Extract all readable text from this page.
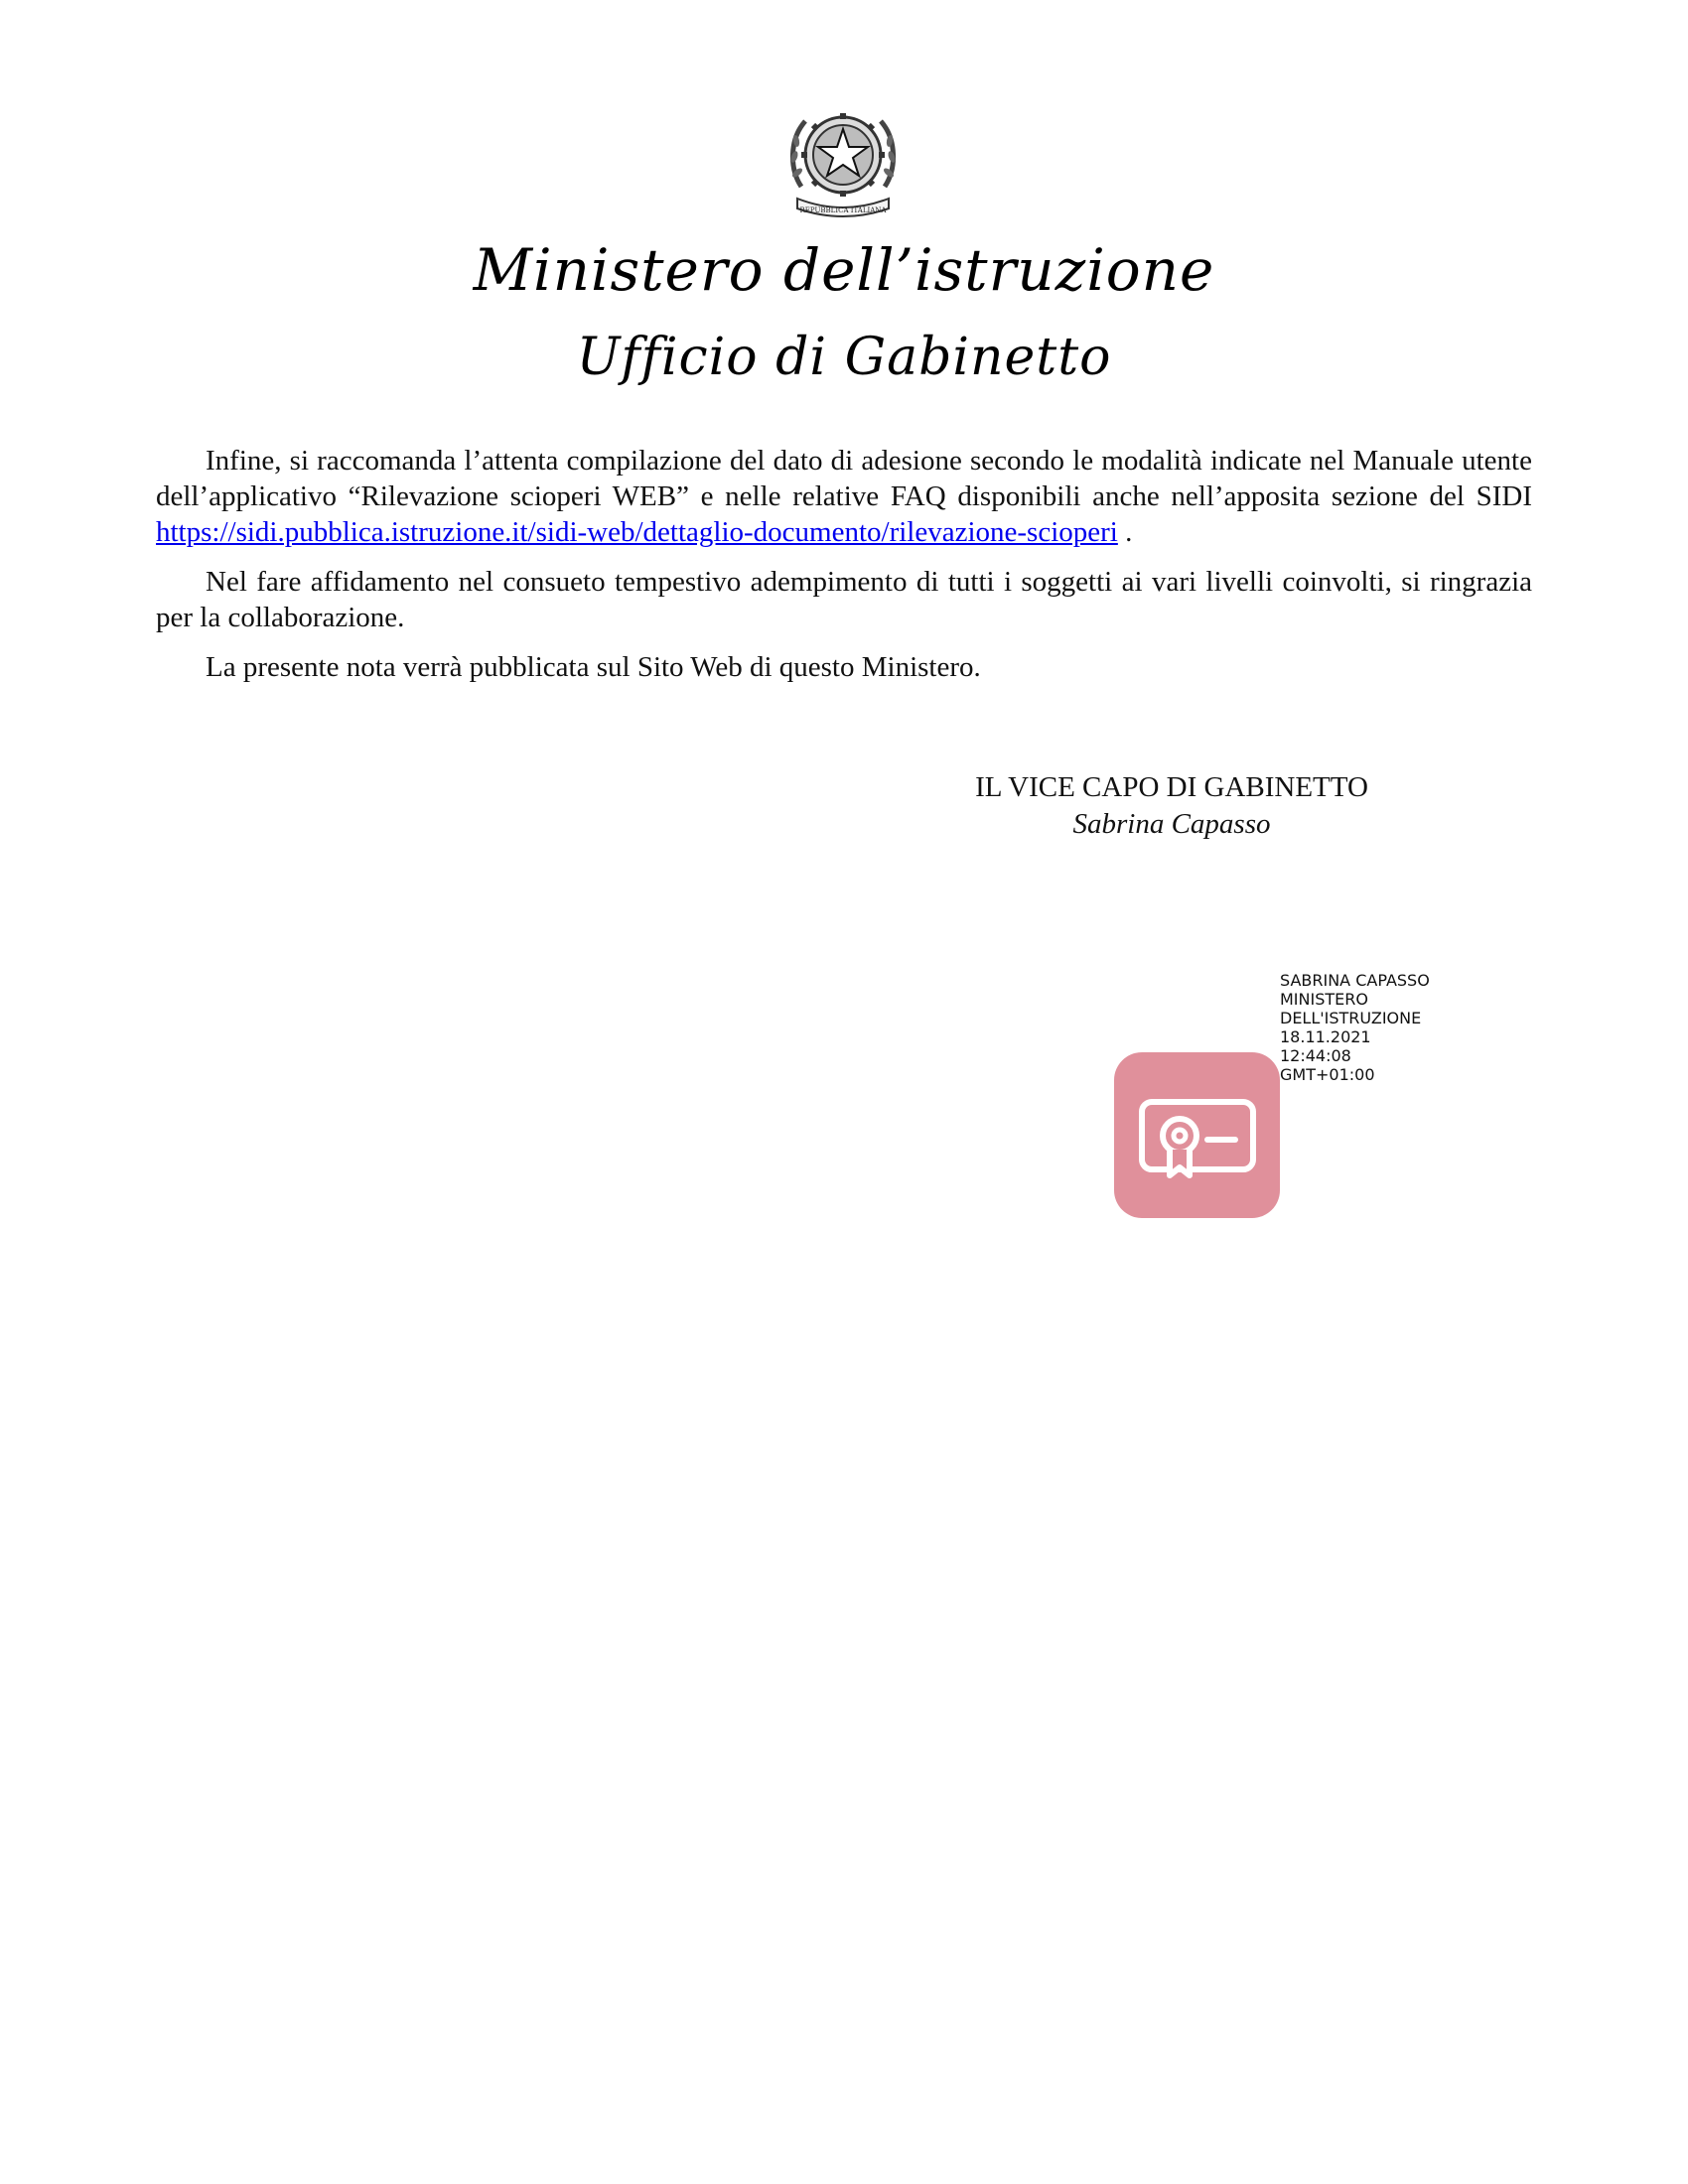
REPUBBLICA ITALIANA
Ministero dell’istruzione
Ufficio di Gabinetto

Infine, si raccomanda l’attenta compilazione del dato di adesione secondo le modalità indicate nel Manuale utente dell’applicativo “Rilevazione scioperi WEB” e nelle relative FAQ disponibili anche nell’apposita sezione del SIDI https://sidi.pubblica.istruzione.it/sidi-web/dettaglio-documento/rilevazione-scioperi .

Nel fare affidamento nel consueto tempestivo adempimento di tutti i soggetti ai vari livelli coinvolti, si ringrazia per la collaborazione.

La presente nota verrà pubblicata sul Sito Web di questo Ministero.

IL VICE CAPO DI GABINETTO
Sabrina Capasso
SABRINA CAPASSO
MINISTERO
DELL'ISTRUZIONE
18.11.2021
12:44:08
GMT+01:00
